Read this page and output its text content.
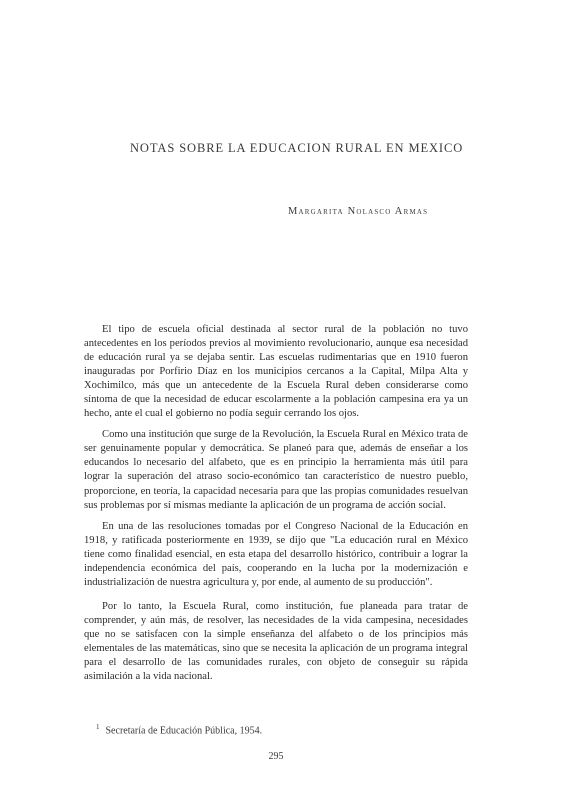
NOTAS SOBRE LA EDUCACION RURAL EN MEXICO
Margarita Nolasco Armas

El tipo de escuela oficial destinada al sector rural de la población no tuvo antecedentes en los períodos previos al movimiento revolucionario, aunque esa necesidad de educación rural ya se dejaba sentir. Las escuelas rudimentarias que en 1910 fueron inauguradas por Porfirio Díaz en los municipios cercanos a la Capital, Milpa Alta y Xochimilco, más que un antecedente de la Escuela Rural deben considerarse como síntoma de que la necesidad de educar escolarmente a la población campesina era ya un hecho, ante el cual el gobierno no podía seguir cerrando los ojos.

Como una institución que surge de la Revolución, la Escuela Rural en México trata de ser genuinamente popular y democrática. Se planeó para que, además de enseñar a los educandos lo necesario del alfabeto, que es en principio la herramienta más útil para lograr la superación del atraso socio-económico tan característico de nuestro pueblo, proporcione, en teoría, la capacidad necesaria para que las propias comunidades resuelvan sus problemas por sí mismas mediante la aplicación de un programa de acción social.

En una de las resoluciones tomadas por el Congreso Nacional de la Educación en 1918, y ratificada posteriormente en 1939, se dijo que "La educación rural en México tiene como finalidad esencial, en esta etapa del desarrollo histórico, contribuir a lograr la independencia económica del país, cooperando en la lucha por la modernización e industrialización de nuestra agricultura y, por ende, al aumento de su producción".

Por lo tanto, la Escuela Rural, como institución, fue planeada para tratar de comprender, y aún más, de resolver, las necesidades de la vida campesina, necesidades que no se satisfacen con la simple enseñanza del alfabeto o de los principios más elementales de las matemáticas, sino que se necesita la aplicación de un programa integral para el desarrollo de las comunidades rurales, con objeto de conseguir su rápida asimilación a la vida nacional.

$^1$ Secretaría de Educación Pública, 1954.
295
